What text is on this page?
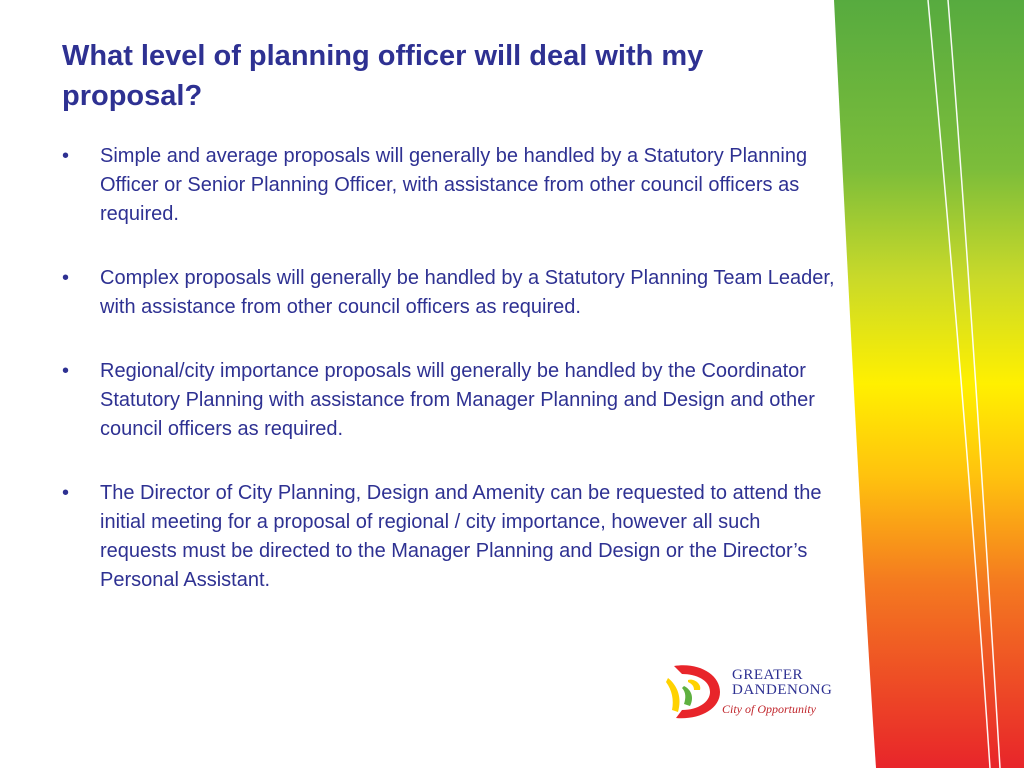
What level of planning officer will deal with my proposal?
• Simple and average proposals will generally be handled by a Statutory Planning Officer or Senior Planning Officer, with assistance from other council officers as required.
• Complex proposals will generally be handled by a Statutory Planning Team Leader, with assistance from other council officers as required.
• Regional/city importance proposals will generally be handled by the Coordinator Statutory Planning with assistance from Manager Planning and Design and other council officers as required.
• The Director of City Planning, Design and Amenity can be requested to attend the initial meeting for a proposal of regional / city importance, however all such requests must be directed to the Manager Planning and Design or the Director’s Personal Assistant.
GREATER
DANDENONG
City of Opportunity
